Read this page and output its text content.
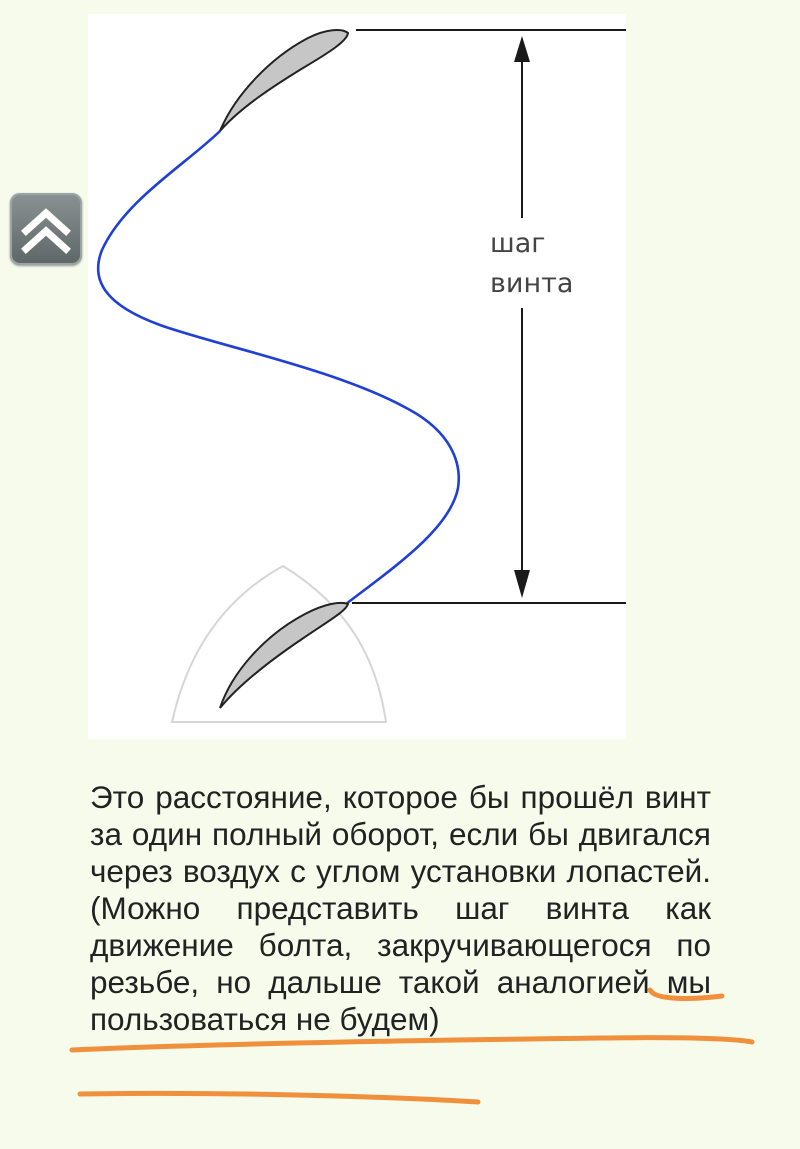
шаг
винта

Это расстояние, которое бы прошёл винт за один полный оборот, если бы двигался через воздух с углом установки лопастей. (Можно представить шаг винта как движение болта, закручивающегося по резьбе, но дальше такой аналогией мы пользоваться не будем)
